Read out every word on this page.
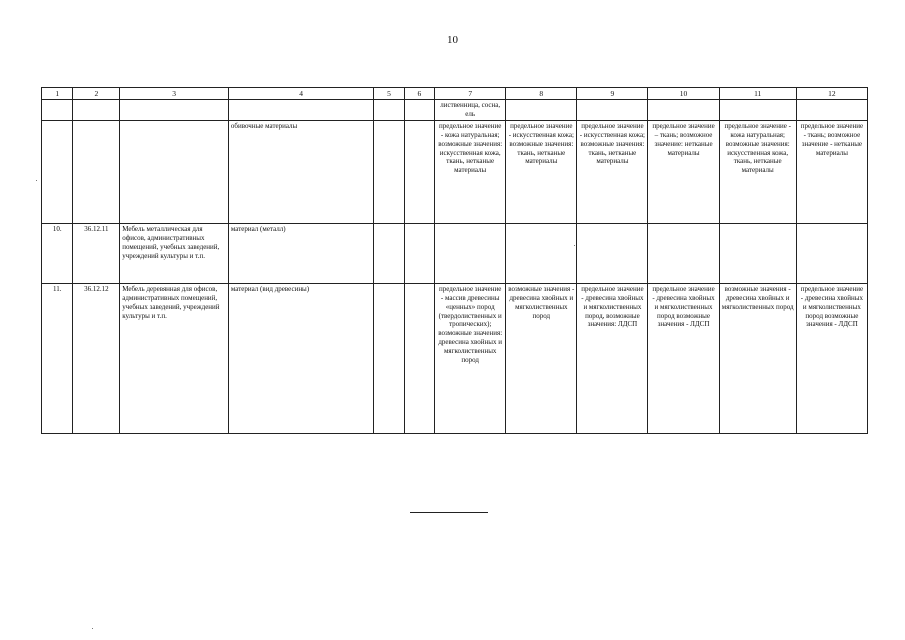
10
1	2	3	4	5	6	7	8	9	10	11	12
						лиственница, сосна, ель					
			обивочные материалы			предельное значение - кожа натуральная; возможные значения: искусственная кожа, ткань, нетканые материалы	предельное значение - искусственная кожа; возможные значения: ткань, нетканые материалы	предельное значение - искусственная кожа; возможные значения: ткань, нетканые материалы	предельное значение – ткань; возможное значение: нетканые материалы	предельное значение - кожа натуральная; возможные значения: искусственная кожа, ткань, нетканые материалы	предельное значение - ткань; возможное значение - нетканые материалы
10.	36.12.11	Мебель металлическая для офисов, административных помещений, учебных заведений, учреждений культуры и т.п.	материал (металл)								
11.	36.12.12	Мебель деревянная для офисов, административных помещений, учебных заведений, учреждений культуры и т.п.	материал (вид древесины)			предельное значение - массив древесины «ценных» пород (твердолиственных и тропических); возможные значения: древесина хвойных и мягколиственных пород	возможные значения - древесина хвойных и мягколиственных пород	предельное значение - древесина хвойных и мягколиственных пород, возможные значения: ЛДСП	предельное значение - древесина хвойных и мягколиственных пород возможные значения - ЛДСП	возможные значения - древесина хвойных и мягколиственных пород	предельное значение - древесина хвойных и мягколиственных пород возможные значения - ЛДСП
